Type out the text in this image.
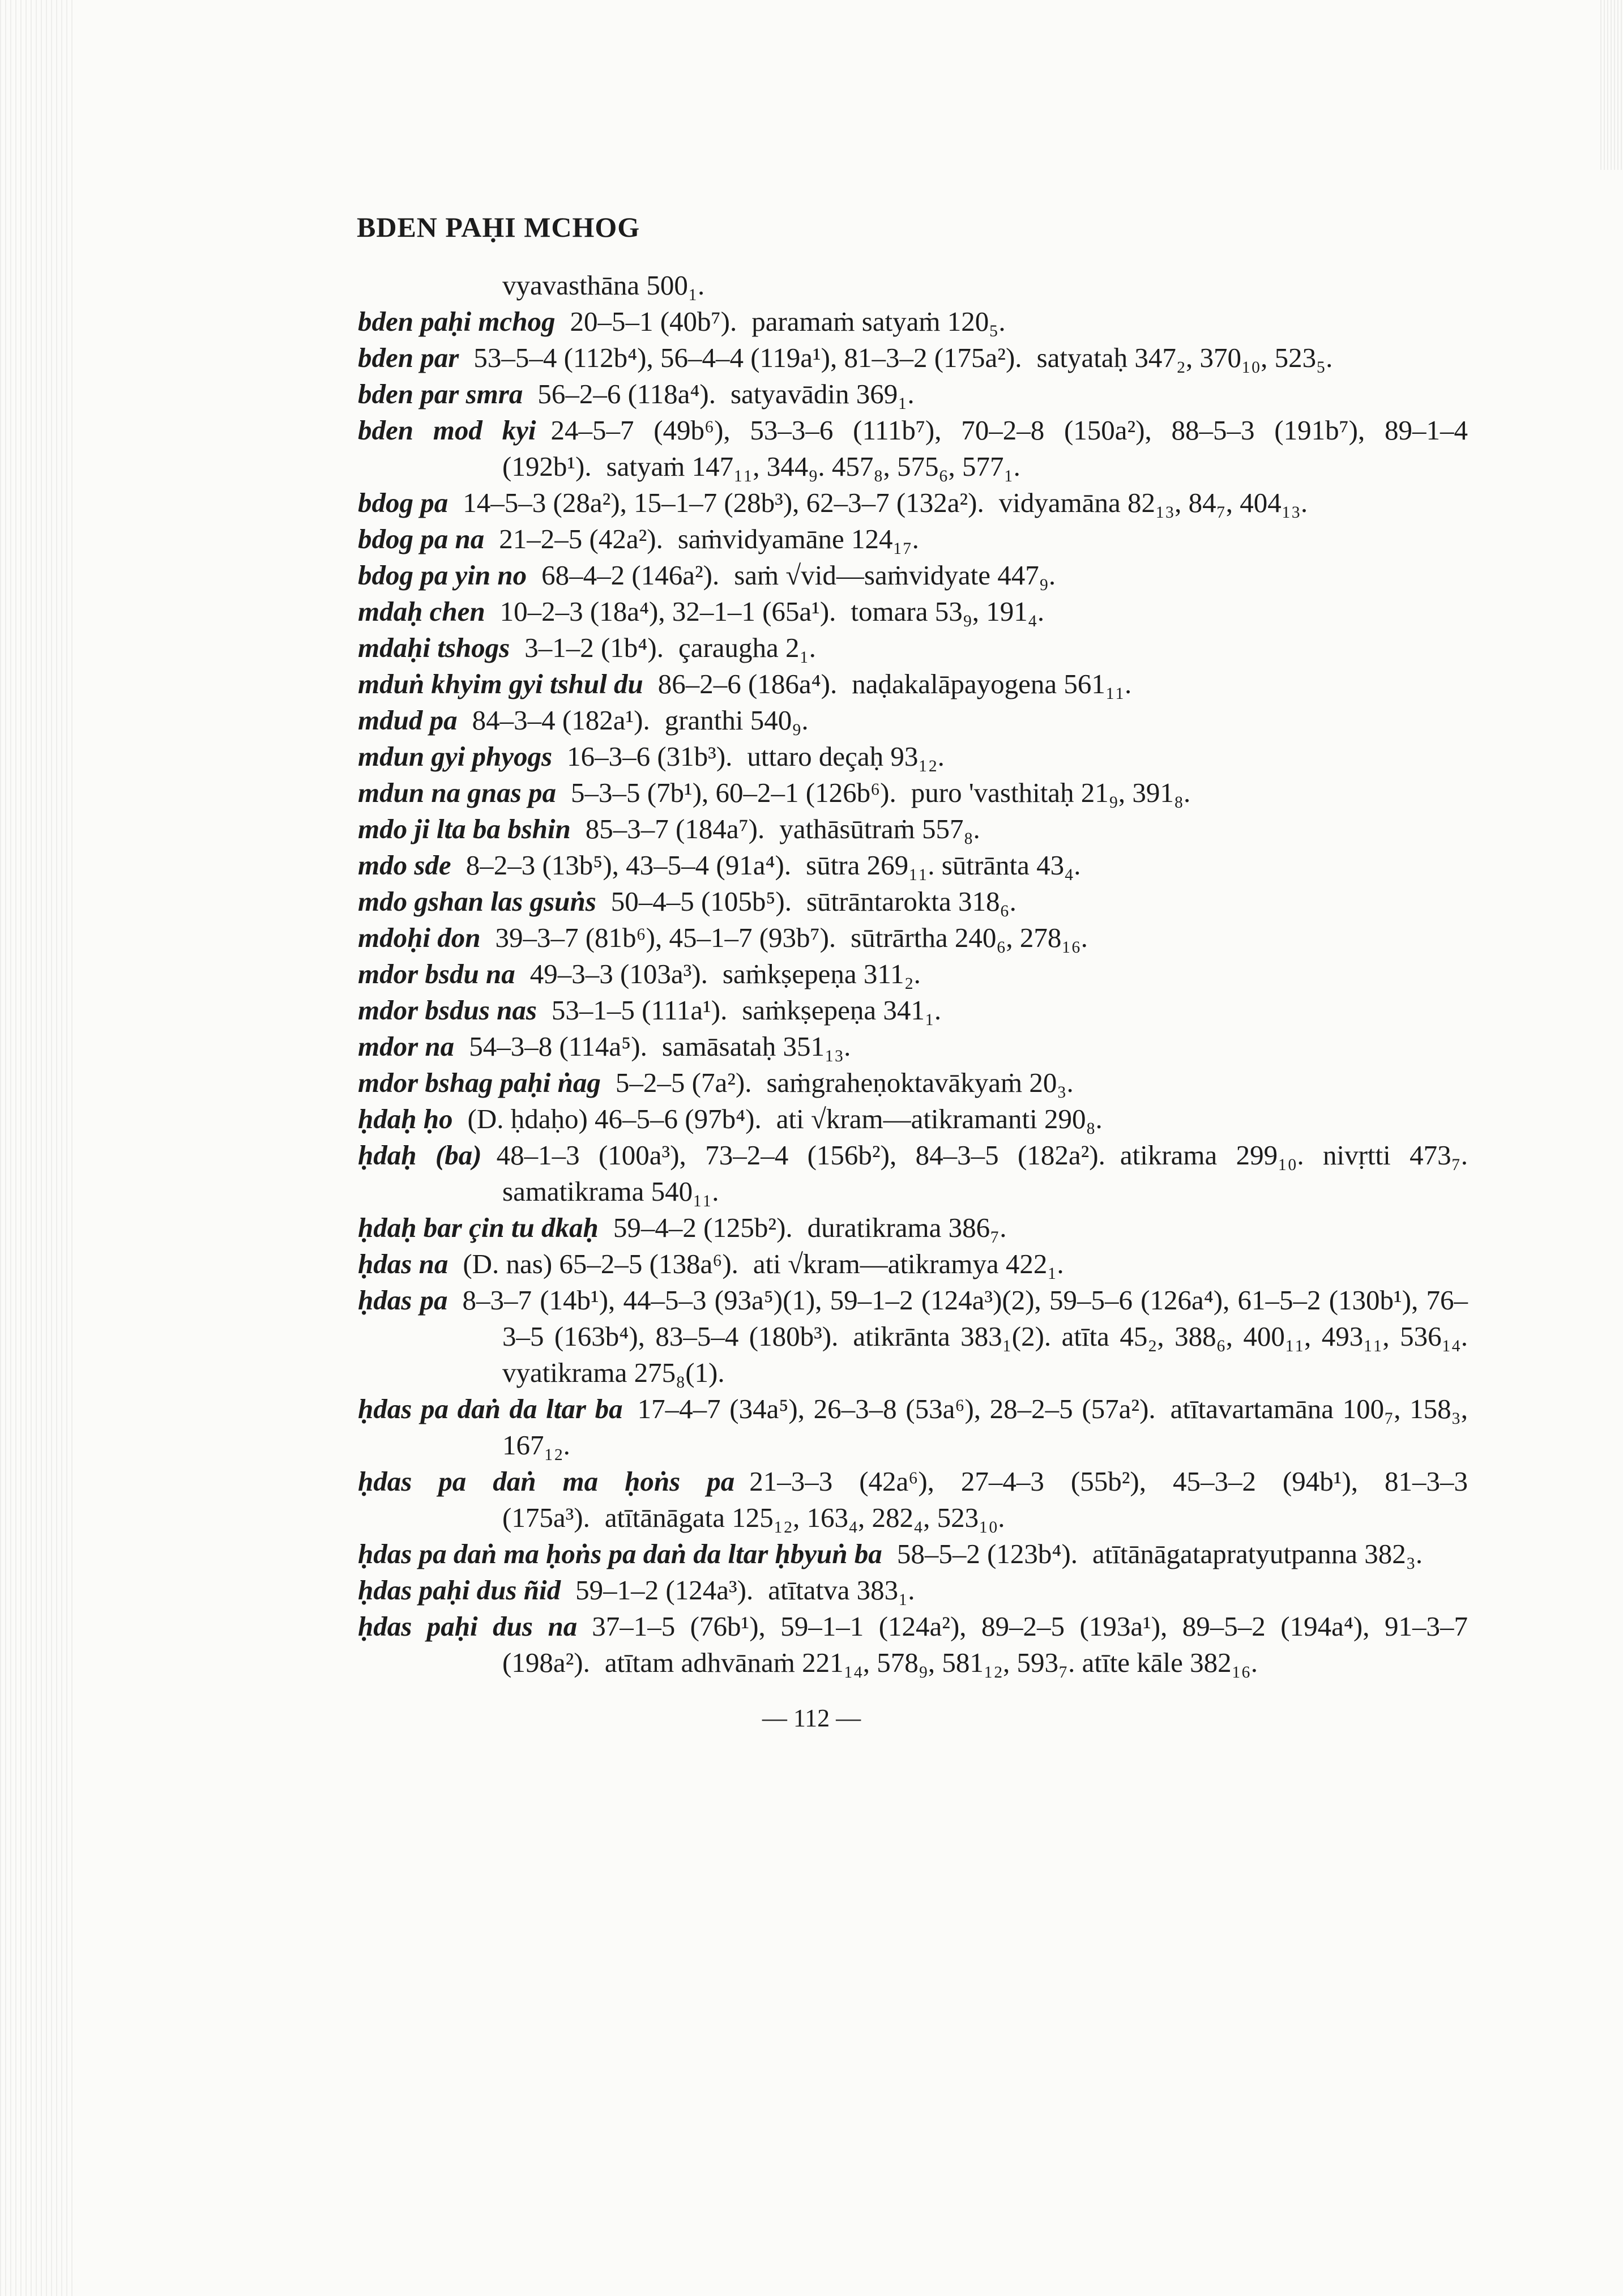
BDEN PAḤI MCHOG
vyavasthāna 500₁.
bden paḥi mchog 20–5–1 (40b⁷). paramaṁ satyaṁ 120₅.
bden par 53–5–4 (112b⁴), 56–4–4 (119a¹), 81–3–2 (175a²). satyataḥ 347₂, 370₁₀, 523₅.
bden par smra 56–2–6 (118a⁴). satyavādin 369₁.
bden mod kyi 24–5–7 (49b⁶), 53–3–6 (111b⁷), 70–2–8 (150a²), 88–5–3 (191b⁷), 89–1–4 (192b¹). satyaṁ 147₁₁, 344₉. 457₈, 575₆, 577₁.
bdog pa 14–5–3 (28a²), 15–1–7 (28b³), 62–3–7 (132a²). vidyamāna 82₁₃, 84₇, 404₁₃.
bdog pa na 21–2–5 (42a²). saṁvidyamāne 124₁₇.
bdog pa yin no 68–4–2 (146a²). saṁ √vid—saṁvidyate 447₉.
mdaḥ chen 10–2–3 (18a⁴), 32–1–1 (65a¹). tomara 53₉, 191₄.
mdaḥi tshogs 3–1–2 (1b⁴). çaraugha 2₁.
mduṅ khyim gyi tshul du 86–2–6 (186a⁴). naḍakalāpayogena 561₁₁.
mdud pa 84–3–4 (182a¹). granthi 540₉.
mdun gyi phyogs 16–3–6 (31b³). uttaro deçaḥ 93₁₂.
mdun na gnas pa 5–3–5 (7b¹), 60–2–1 (126b⁶). puro 'vasthitaḥ 21₉, 391₈.
mdo ji lta ba bshin 85–3–7 (184a⁷). yathāsūtraṁ 557₈.
mdo sde 8–2–3 (13b⁵), 43–5–4 (91a⁴). sūtra 269₁₁. sūtrānta 43₄.
mdo gshan las gsuṅs 50–4–5 (105b⁵). sūtrāntarokta 318₆.
mdoḥi don 39–3–7 (81b⁶), 45–1–7 (93b⁷). sūtrārtha 240₆, 278₁₆.
mdor bsdu na 49–3–3 (103a³). saṁkṣepeṇa 311₂.
mdor bsdus nas 53–1–5 (111a¹). saṁkṣepeṇa 341₁.
mdor na 54–3–8 (114a⁵). samāsataḥ 351₁₃.
mdor bshag paḥi ṅag 5–2–5 (7a²). saṁgraheṇoktavākyaṁ 20₃.
ḥdaḥ ḥo (D. ḥdaḥo) 46–5–6 (97b⁴). ati √kram—atikramanti 290₈.
ḥdaḥ (ba) 48–1–3 (100a³), 73–2–4 (156b²), 84–3–5 (182a²). atikrama 299₁₀. nivṛtti 473₇. samatikrama 540₁₁.
ḥdaḥ bar çin tu dkaḥ 59–4–2 (125b²). duratikrama 386₇.
ḥdas na (D. nas) 65–2–5 (138a⁶). ati √kram—atikramya 422₁.
ḥdas pa 8–3–7 (14b¹), 44–5–3 (93a⁵)(1), 59–1–2 (124a³)(2), 59–5–6 (126a⁴), 61–5–2 (130b¹), 76–3–5 (163b⁴), 83–5–4 (180b³). atikrānta 383₁(2). atīta 45₂, 388₆, 400₁₁, 493₁₁, 536₁₄. vyatikrama 275₈(1).
ḥdas pa daṅ da ltar ba 17–4–7 (34a⁵), 26–3–8 (53a⁶), 28–2–5 (57a²). atītavartamāna 100₇, 158₃, 167₁₂.
ḥdas pa daṅ ma ḥoṅs pa 21–3–3 (42a⁶), 27–4–3 (55b²), 45–3–2 (94b¹), 81–3–3 (175a³). atītānāgata 125₁₂, 163₄, 282₄, 523₁₀.
ḥdas pa daṅ ma ḥoṅs pa daṅ da ltar ḥbyuṅ ba 58–5–2 (123b⁴). atītānāgatapratyutpanna 382₃.
ḥdas paḥi dus ñid 59–1–2 (124a³). atītatva 383₁.
ḥdas paḥi dus na 37–1–5 (76b¹), 59–1–1 (124a²), 89–2–5 (193a¹), 89–5–2 (194a⁴), 91–3–7 (198a²). atītam adhvānaṁ 221₁₄, 578₉, 581₁₂, 593₇. atīte kāle 382₁₆.
— 112 —
